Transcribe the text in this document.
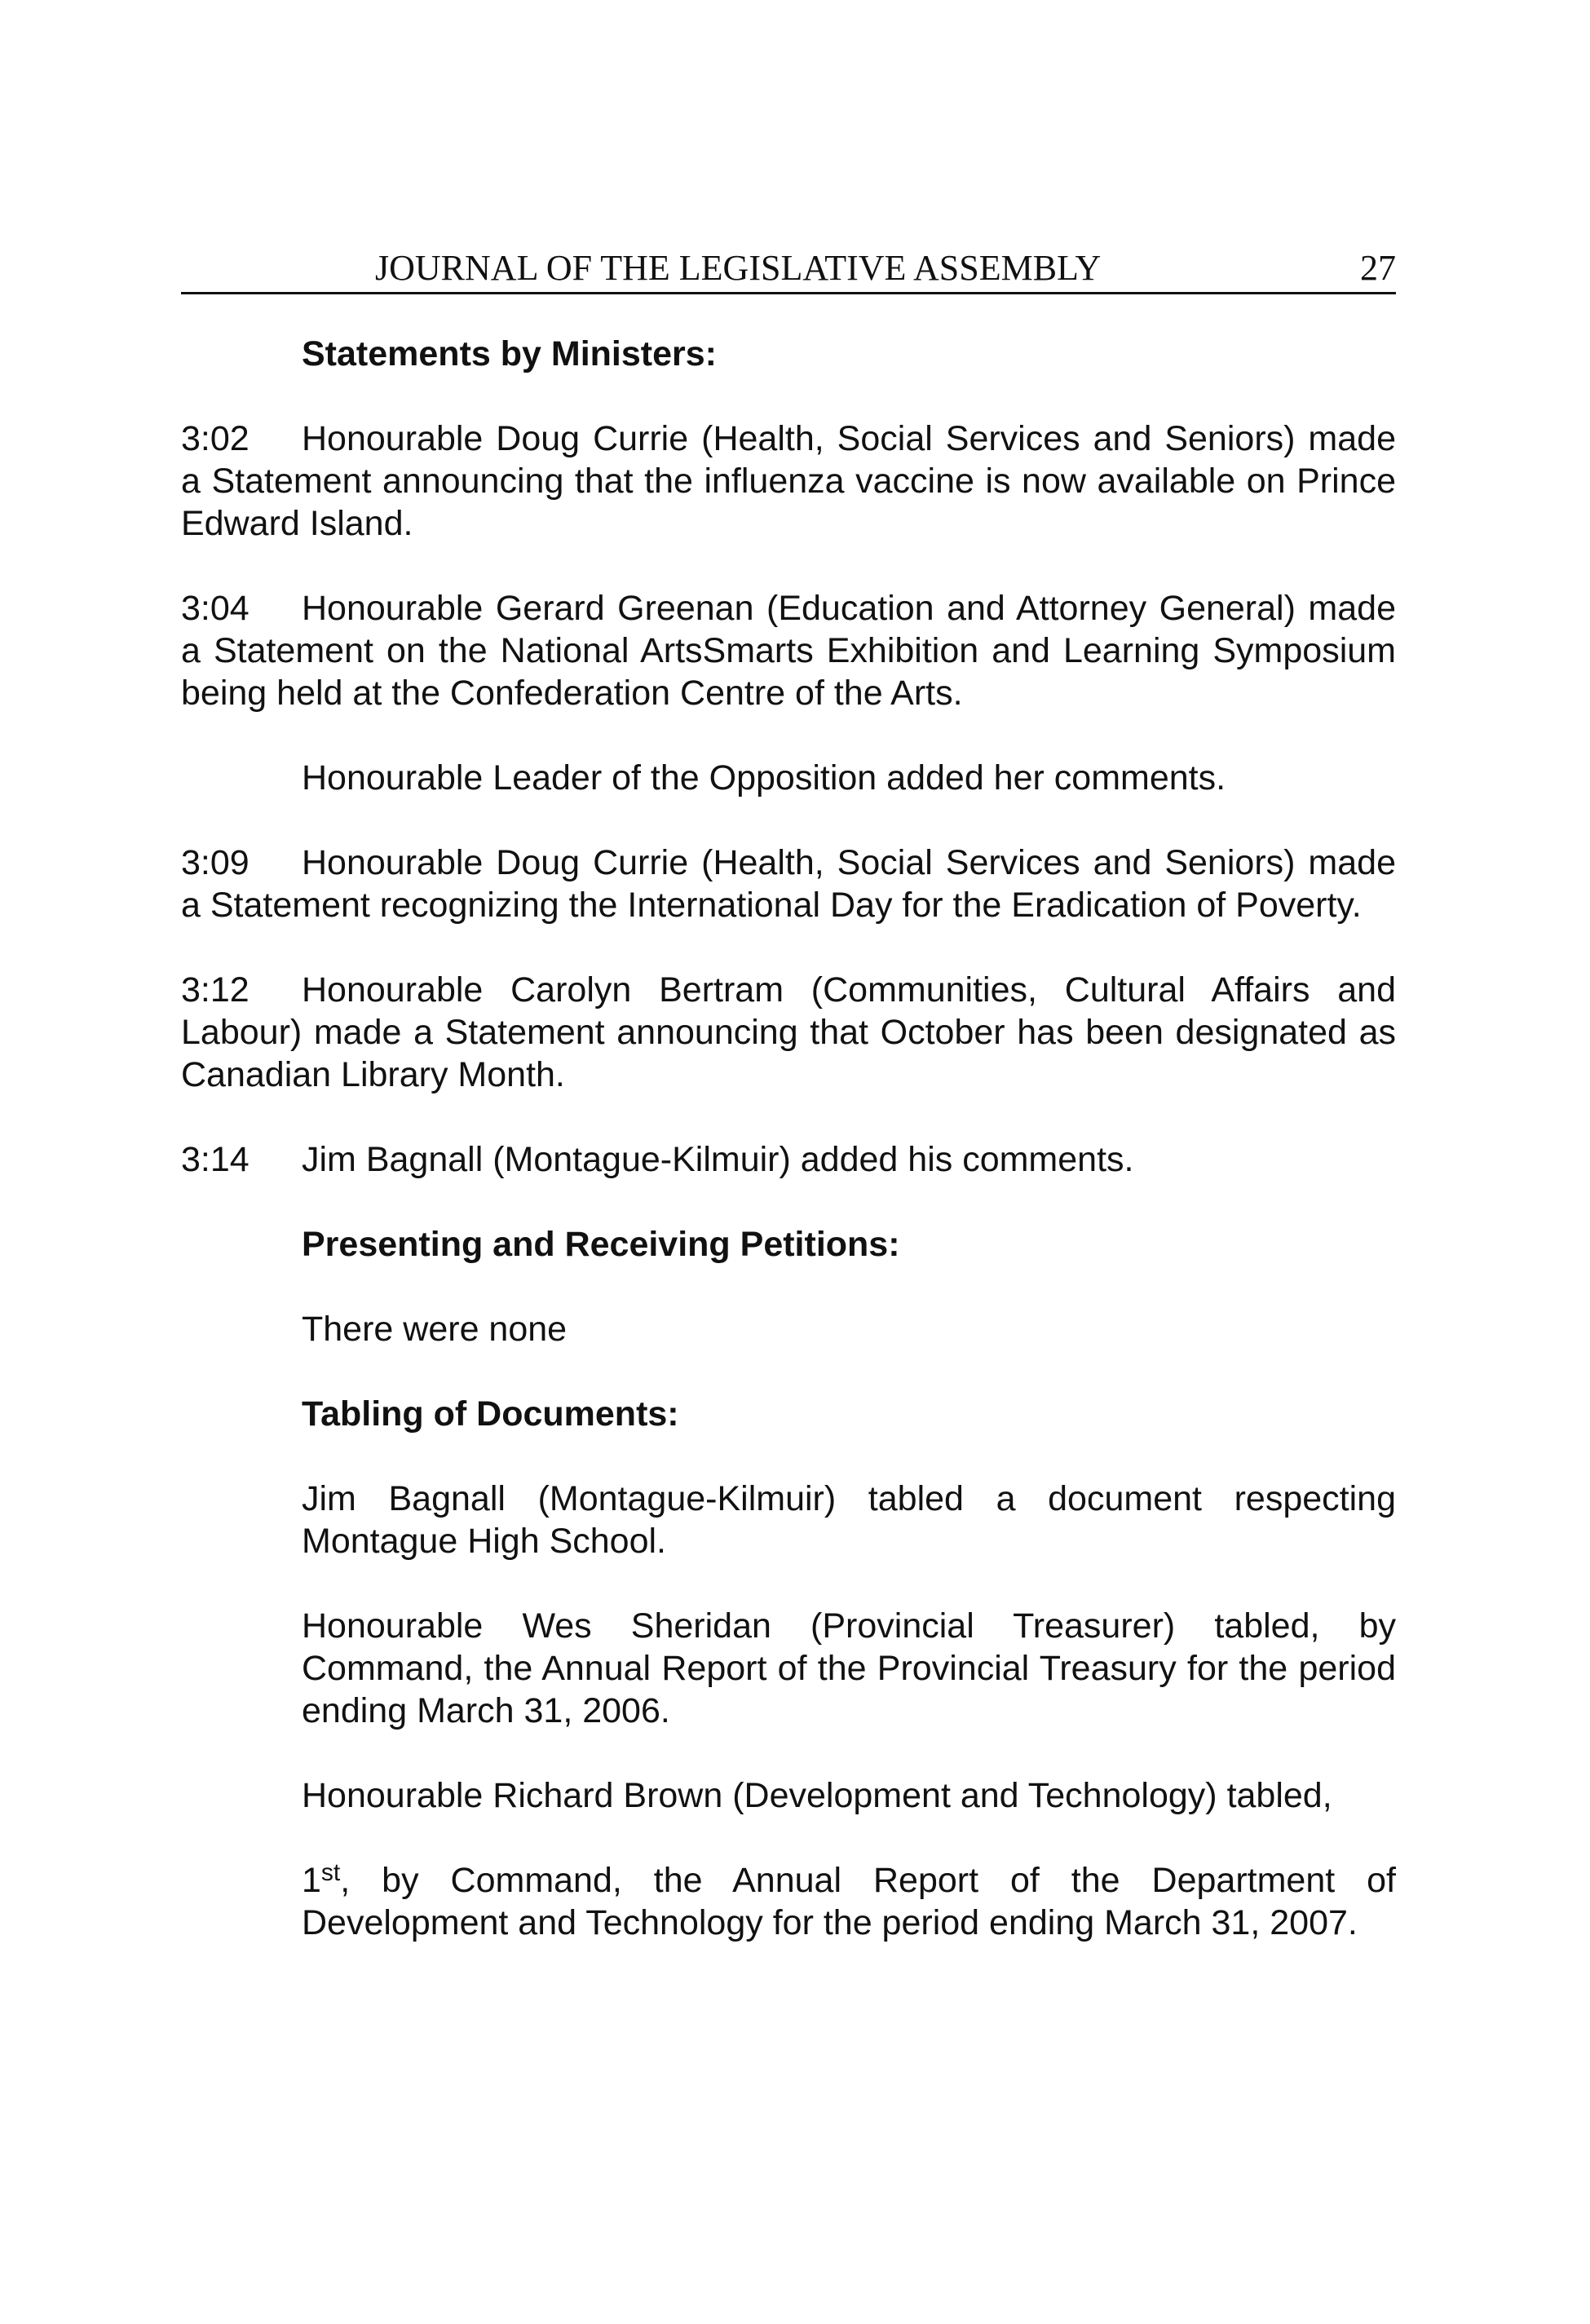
JOURNAL OF THE LEGISLATIVE ASSEMBLY	27
Statements by Ministers:

3:02 Honourable Doug Currie (Health, Social Services and Seniors) made a Statement announcing that the influenza vaccine is now available on Prince Edward Island.

3:04 Honourable Gerard Greenan (Education and Attorney General) made a Statement on the National ArtsSmarts Exhibition and Learning Symposium being held at the Confederation Centre of the Arts.

Honourable Leader of the Opposition added her comments.

3:09 Honourable Doug Currie (Health, Social Services and Seniors) made a Statement recognizing the International Day for the Eradication of Poverty.

3:12 Honourable Carolyn Bertram (Communities, Cultural Affairs and Labour) made a Statement announcing that October has been designated as Canadian Library Month.

3:14 Jim Bagnall (Montague-Kilmuir) added his comments.

Presenting and Receiving Petitions:

There were none

Tabling of Documents:

Jim Bagnall (Montague-Kilmuir) tabled a document respecting Montague High School.

Honourable Wes Sheridan (Provincial Treasurer) tabled, by Command, the Annual Report of the Provincial Treasury for the period ending March 31, 2006.

Honourable Richard Brown (Development and Technology) tabled,

1st, by Command, the Annual Report of the Department of Development and Technology for the period ending March 31, 2007.
